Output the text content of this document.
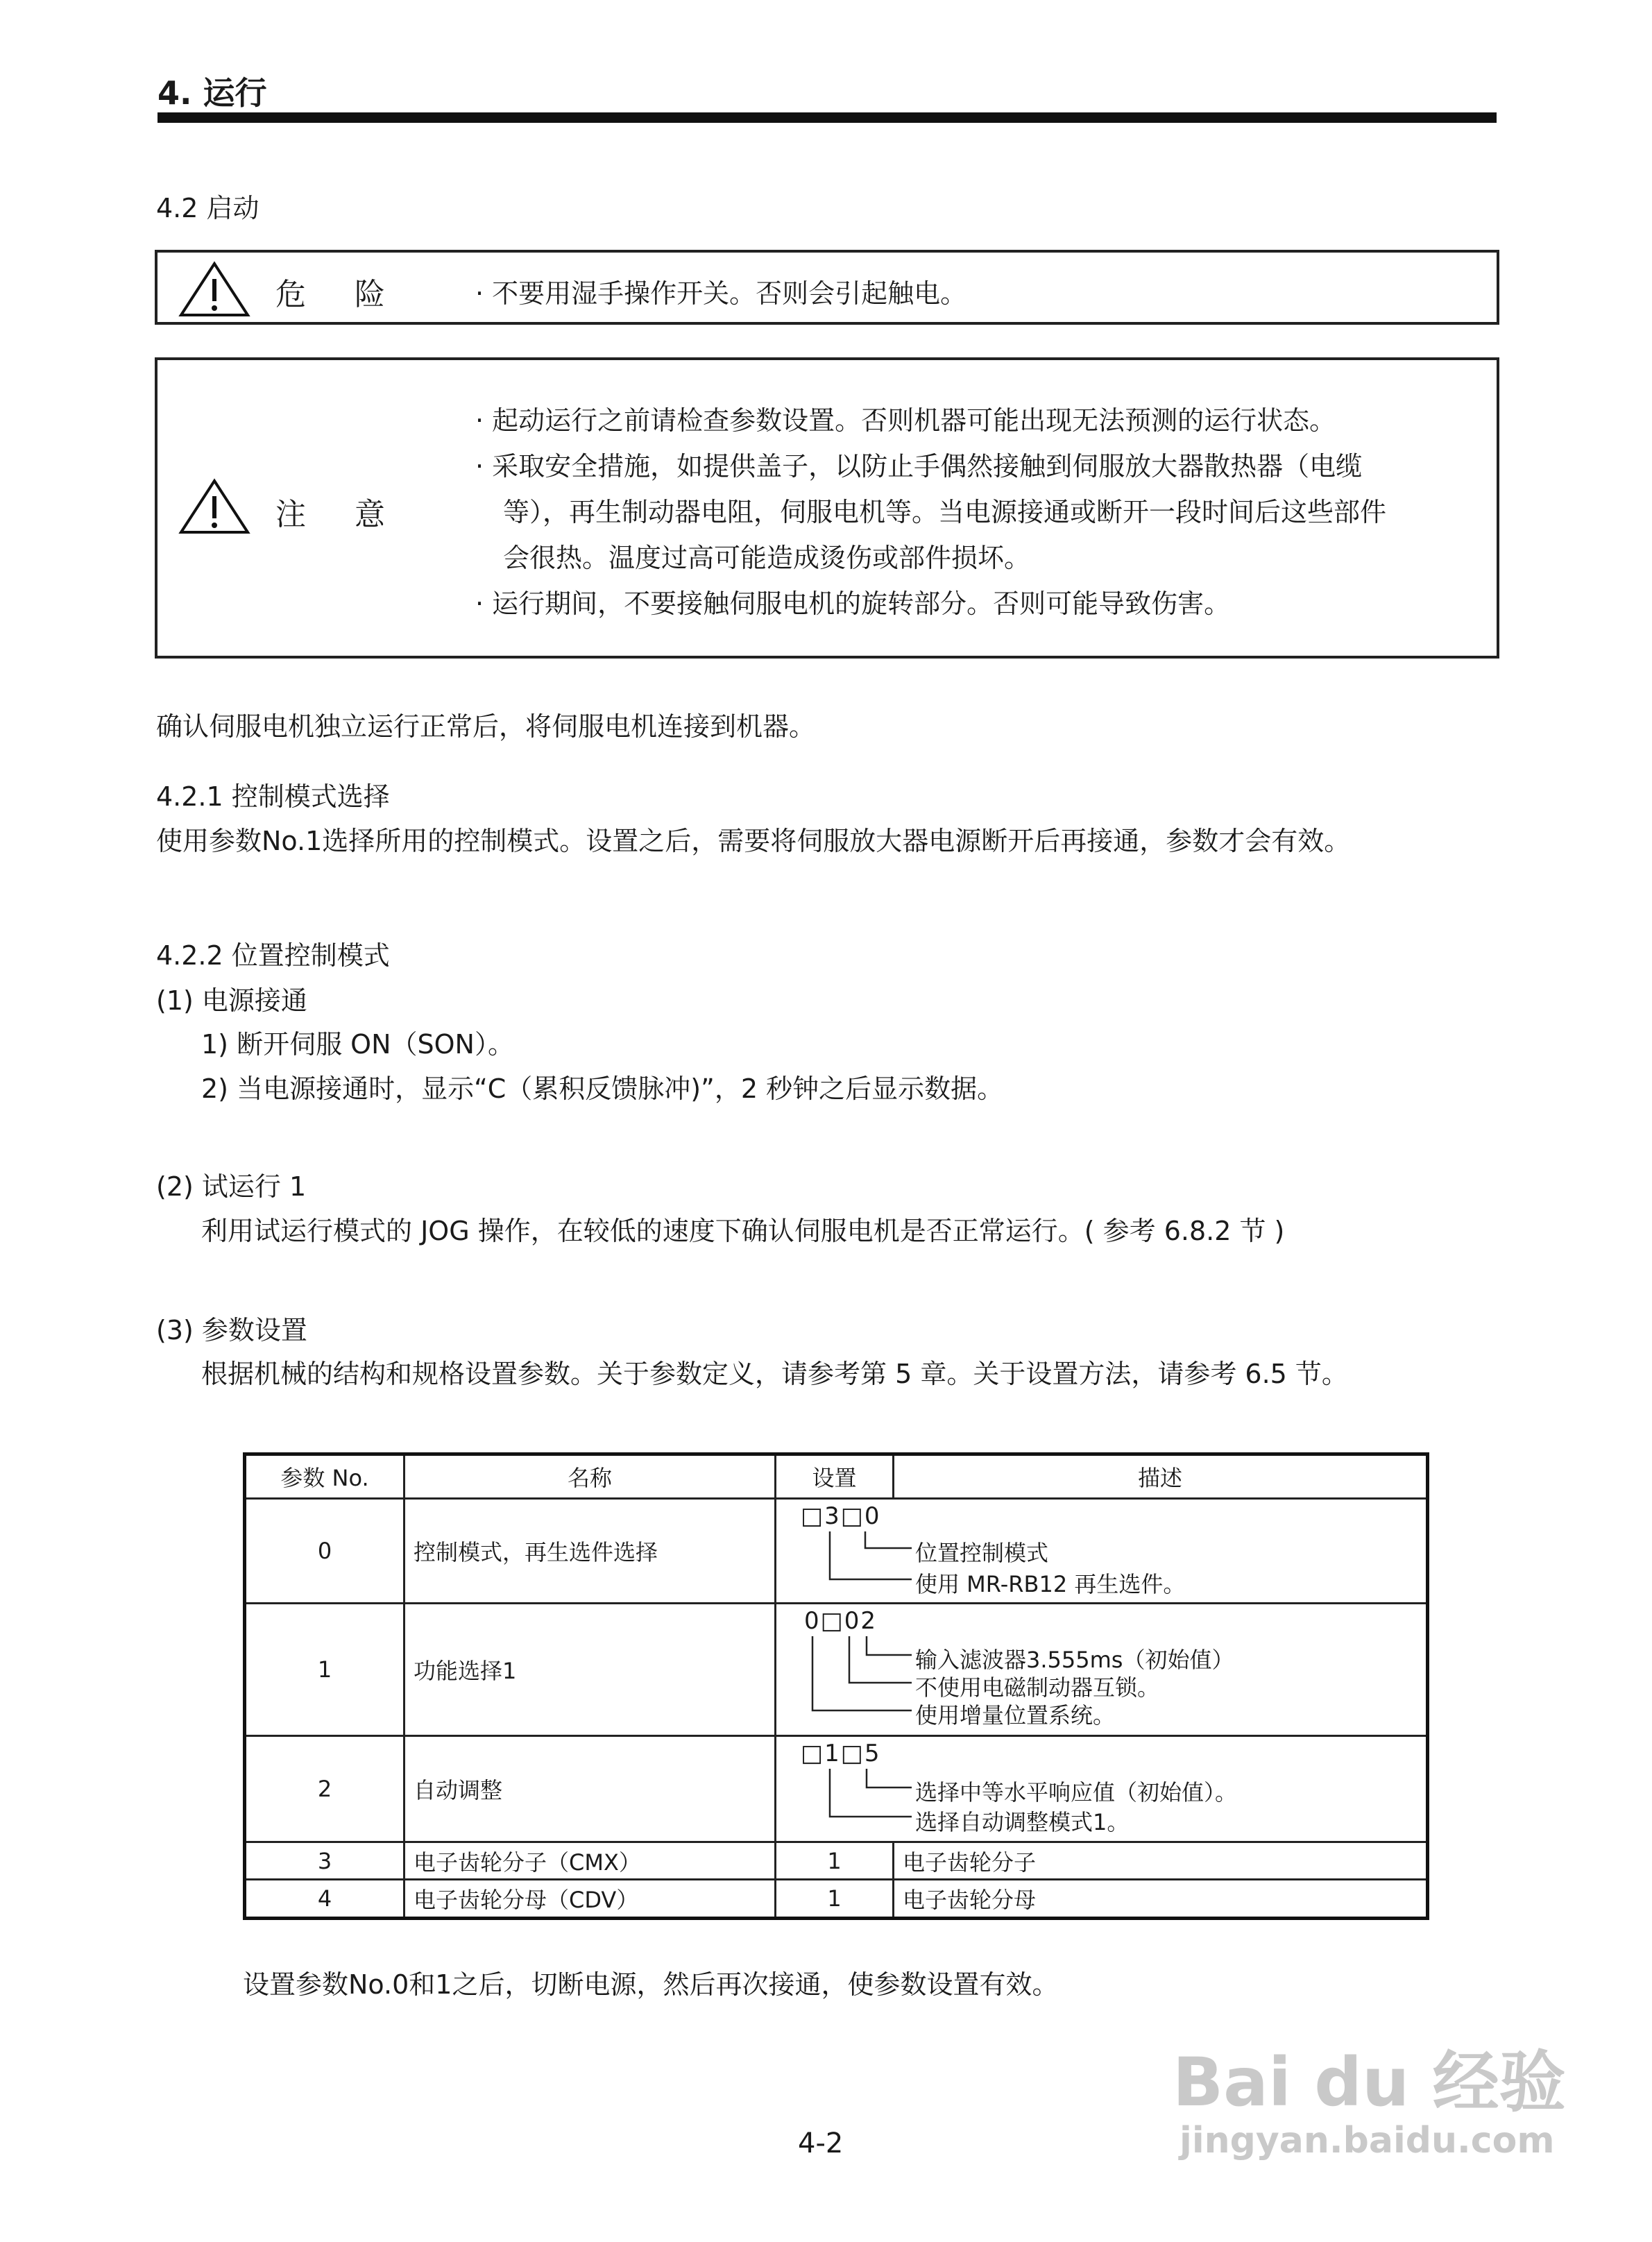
4. 运行
4.2 启动
危 险	· 不要用湿手操作开关。否则会引起触电。
注 意
· 起动运行之前请检查参数设置。否则机器可能出现无法预测的运行状态。
· 采取安全措施，如提供盖子，以防止手偶然接触到伺服放大器散热器（电缆
等），再生制动器电阻，伺服电机等。当电源接通或断开一段时间后这些部件
会很热。温度过高可能造成烫伤或部件损坏。
· 运行期间，不要接触伺服电机的旋转部分。否则可能导致伤害。
确认伺服电机独立运行正常后，将伺服电机连接到机器。
4.2.1 控制模式选择
使用参数No.1选择所用的控制模式。设置之后，需要将伺服放大器电源断开后再接通，参数才会有效。
4.2.2 位置控制模式
(1) 电源接通
1) 断开伺服 ON（SON）。
2) 当电源接通时，显示“C（累积反馈脉冲)”，2 秒钟之后显示数据。
(2) 试运行 1
利用试运行模式的 JOG 操作，在较低的速度下确认伺服电机是否正常运行。( 参考 6.8.2 节 )
(3) 参数设置
根据机械的结构和规格设置参数。关于参数定义，请参考第 5 章。关于设置方法，请参考 6.5 节。
参数 No.	名称	设置	描述
0	控制模式，再生选件选择	□3□0
位置控制模式
使用 MR-RB12 再生选件。	

1	功能选择1	0□02
输入滤波器3.555ms（初始值）
不使用电磁制动器互锁。
使用增量位置系统。	

2	自动调整	□1□5
选择中等水平响应值（初始值）。
选择自动调整模式1。	

3	电子齿轮分子（CMX）	1	电子齿轮分子
4	电子齿轮分母（CDV）	1	电子齿轮分母
设置参数No.0和1之后，切断电源，然后再次接通，使参数设置有效。
4-2
Bai du 经验
jingyan.baidu.com
